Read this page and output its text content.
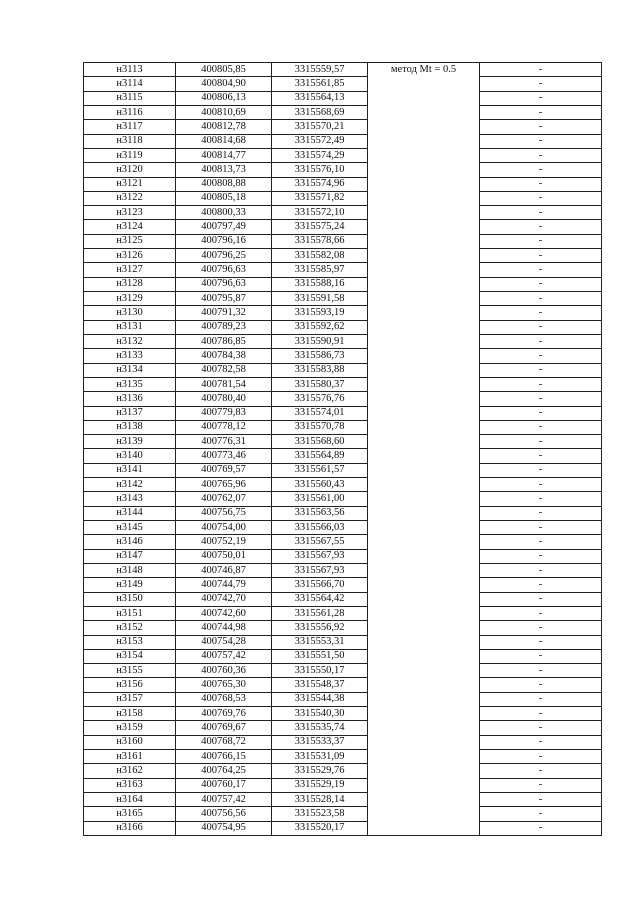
н3113	400805,85	3315559,57	метод Mt = 0.5	-
н3114	400804,90	3315561,85		-
н3115	400806,13	3315564,13		-
н3116	400810,69	3315568,69		-
н3117	400812,78	3315570,21		-
н3118	400814,68	3315572,49		-
н3119	400814,77	3315574,29		-
н3120	400813,73	3315576,10		-
н3121	400808,88	3315574,96		-
н3122	400805,18	3315571,82		-
н3123	400800,33	3315572,10		-
н3124	400797,49	3315575,24		-
н3125	400796,16	3315578,66		-
н3126	400796,25	3315582,08		-
н3127	400796,63	3315585,97		-
н3128	400796,63	3315588,16		-
н3129	400795,87	3315591,58		-
н3130	400791,32	3315593,19		-
н3131	400789,23	3315592,62		-
н3132	400786,85	3315590,91		-
н3133	400784,38	3315586,73		-
н3134	400782,58	3315583,88		-
н3135	400781,54	3315580,37		-
н3136	400780,40	3315576,76		-
н3137	400779,83	3315574,01		-
н3138	400778,12	3315570,78		-
н3139	400776,31	3315568,60		-
н3140	400773,46	3315564,89		-
н3141	400769,57	3315561,57		-
н3142	400765,96	3315560,43		-
н3143	400762,07	3315561,00		-
н3144	400756,75	3315563,56		-
н3145	400754,00	3315566,03		-
н3146	400752,19	3315567,55		-
н3147	400750,01	3315567,93		-
н3148	400746,87	3315567,93		-
н3149	400744,79	3315566,70		-
н3150	400742,70	3315564,42		-
н3151	400742,60	3315561,28		-
н3152	400744,98	3315556,92		-
н3153	400754,28	3315553,31		-
н3154	400757,42	3315551,50		-
н3155	400760,36	3315550,17		-
н3156	400765,30	3315548,37		-
н3157	400768,53	3315544,38		-
н3158	400769,76	3315540,30		-
н3159	400769,67	3315535,74		-
н3160	400768,72	3315533,37		-
н3161	400766,15	3315531,09		-
н3162	400764,25	3315529,76		-
н3163	400760,17	3315529,19		-
н3164	400757,42	3315528,14		-
н3165	400756,56	3315523,58		-
н3166	400754,95	3315520,17		-
